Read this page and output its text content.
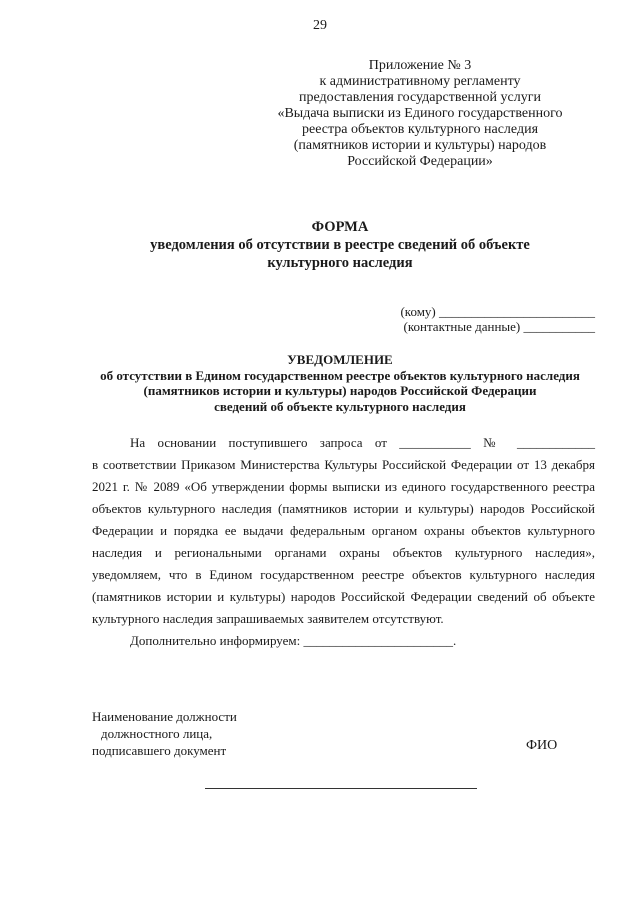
29
Приложение № 3
к административному регламенту
предоставления государственной услуги
«Выдача выписки из Единого государственного
реестра объектов культурного наследия
(памятников истории и культуры) народов
Российской Федерации»
ФОРМА
уведомления об отсутствии в реестре сведений об объекте
культурного наследия
(кому) ________________________
(контактные данные) ___________
УВЕДОМЛЕНИЕ
об отсутствии в Едином государственном реестре объектов культурного наследия
(памятников истории и культуры) народов Российской Федерации
сведений об объекте культурного наследия
На основании поступившего запроса от ___________ № ____________
в соответствии Приказом Министерства Культуры Российской Федерации от 13 декабря
2021 г. № 2089 «Об утверждении формы выписки из единого государственного реестра
объектов культурного наследия (памятников истории и культуры) народов Российской
Федерации и порядка ее выдачи федеральным органом охраны объектов культурного
наследия и региональными органами охраны объектов культурного наследия»,
уведомляем, что в Едином государственном реестре объектов культурного наследия
(памятников истории и культуры) народов Российской Федерации сведений об объекте
культурного наследия запрашиваемых заявителем отсутствуют.
Дополнительно информируем: _______________________.
Наименование должности
должностного лица,
подписавшего документ	ФИО
